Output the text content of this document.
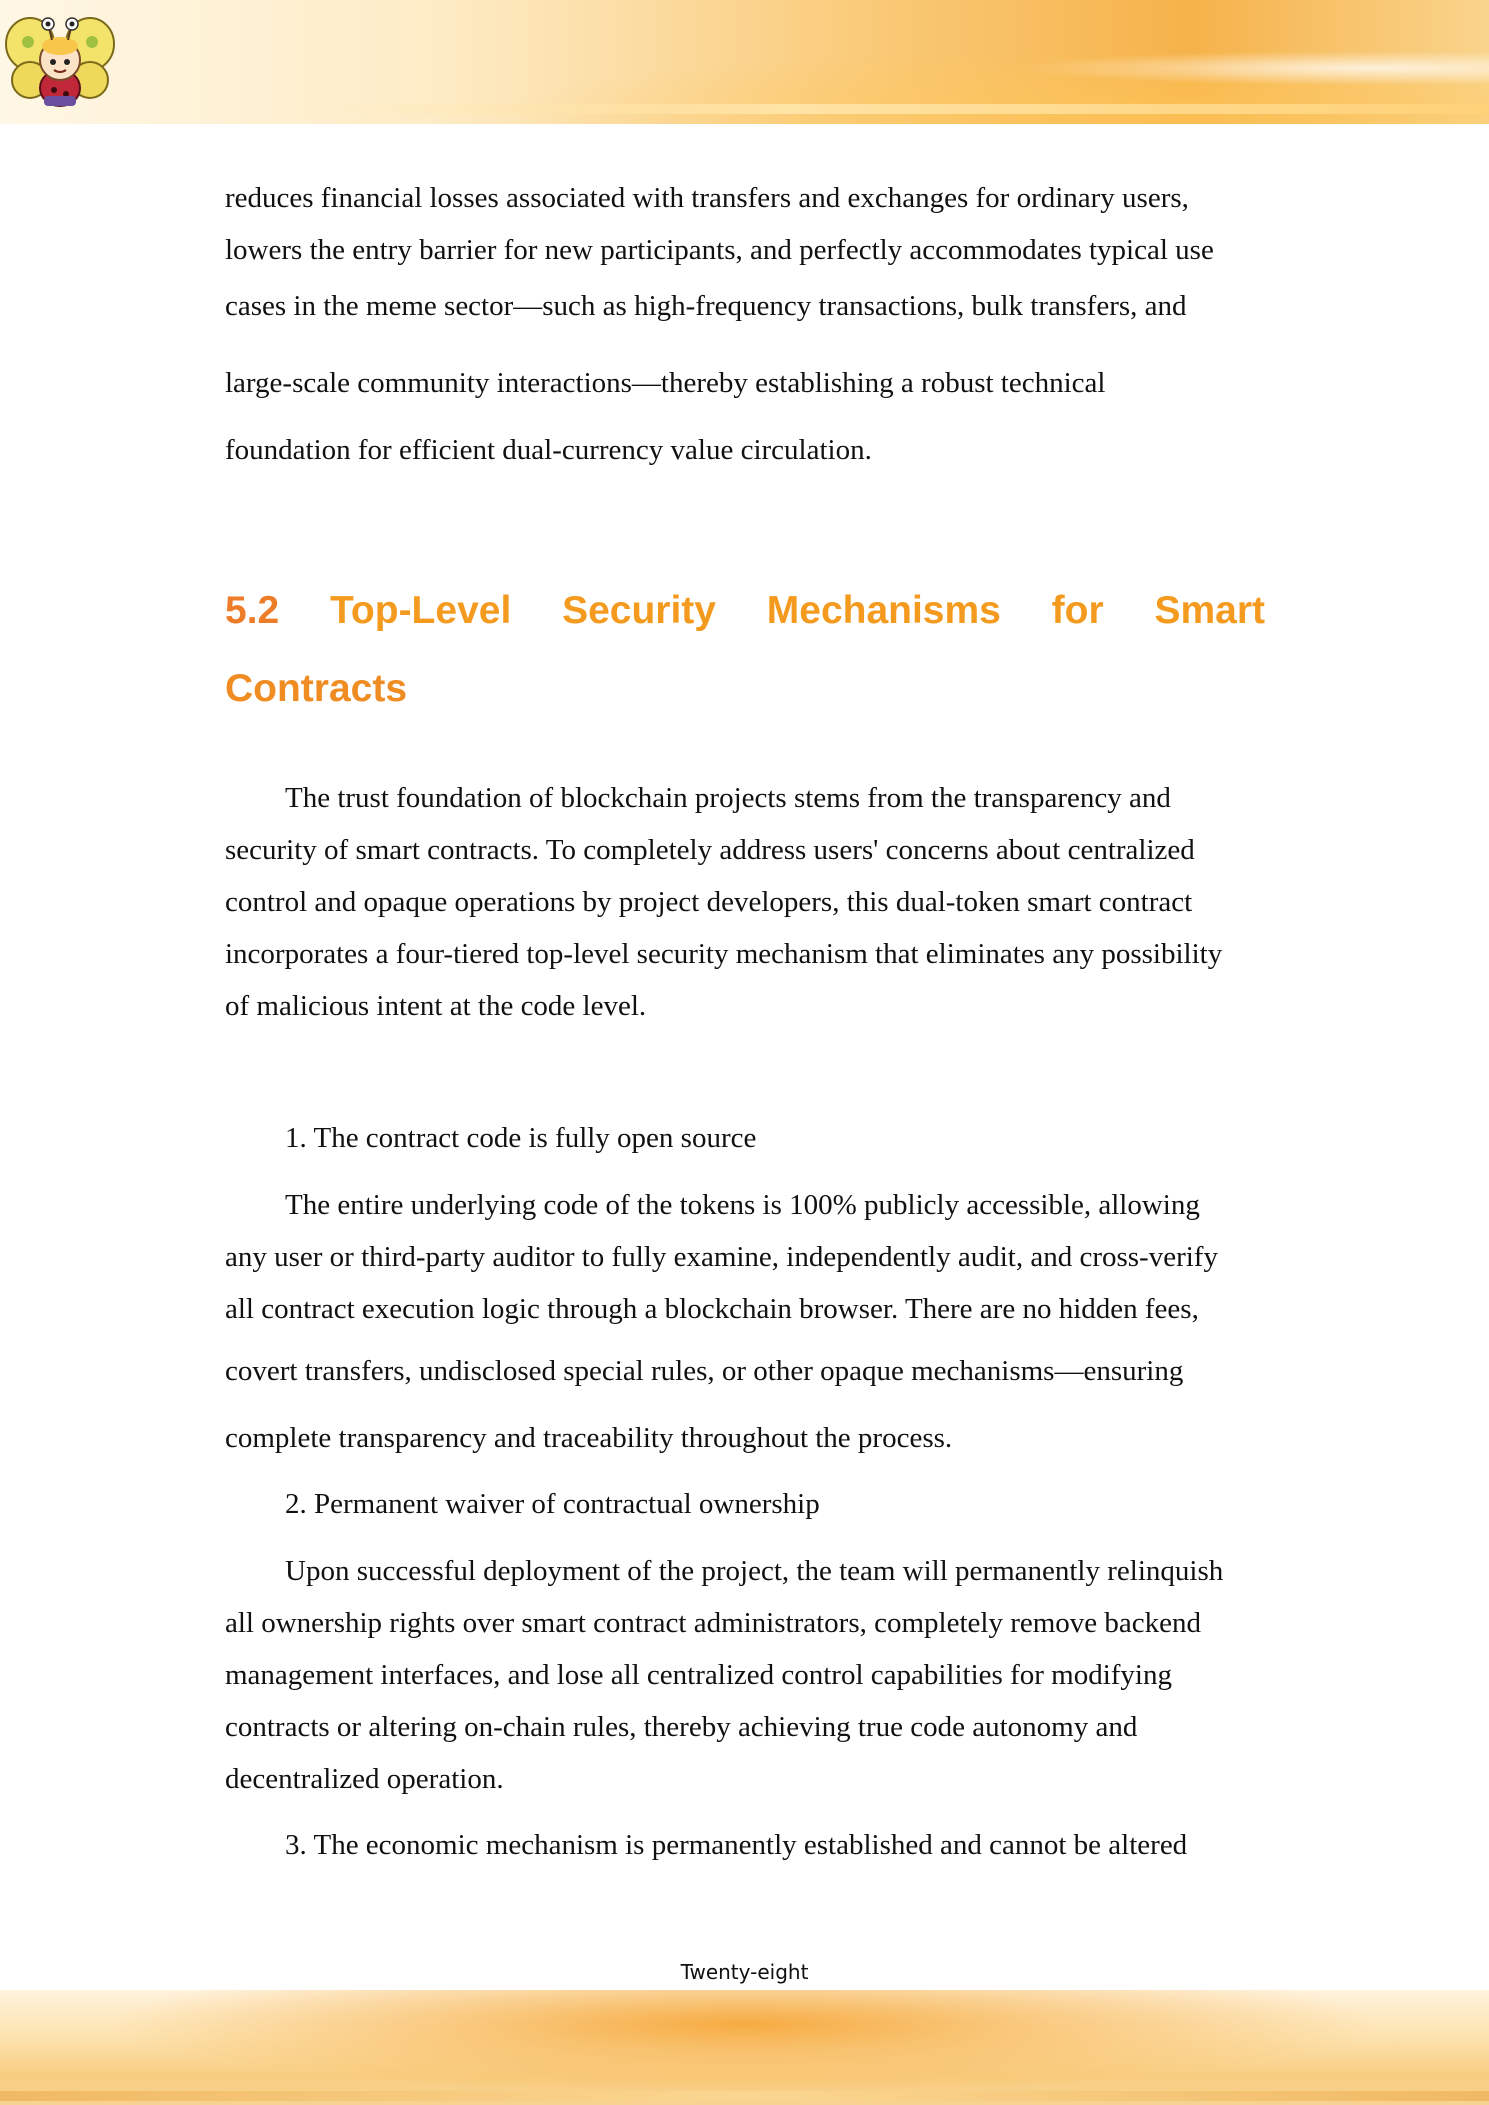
reduces financial losses associated with transfers and exchanges for ordinary users,
lowers the entry barrier for new participants, and perfectly accommodates typical use
cases in the meme sector—such as high-frequency transactions, bulk transfers, and
large-scale community interactions—thereby establishing a robust technical
foundation for efficient dual-currency value circulation.
5.2 Top-Level Security Mechanisms for Smart
Contracts
The trust foundation of blockchain projects stems from the transparency and
security of smart contracts. To completely address users' concerns about centralized
control and opaque operations by project developers, this dual-token smart contract
incorporates a four-tiered top-level security mechanism that eliminates any possibility
of malicious intent at the code level.
1. The contract code is fully open source
The entire underlying code of the tokens is 100% publicly accessible, allowing
any user or third-party auditor to fully examine, independently audit, and cross-verify
all contract execution logic through a blockchain browser. There are no hidden fees,
covert transfers, undisclosed special rules, or other opaque mechanisms—ensuring
complete transparency and traceability throughout the process.
2. Permanent waiver of contractual ownership
Upon successful deployment of the project, the team will permanently relinquish
all ownership rights over smart contract administrators, completely remove backend
management interfaces, and lose all centralized control capabilities for modifying
contracts or altering on-chain rules, thereby achieving true code autonomy and
decentralized operation.
3. The economic mechanism is permanently established and cannot be altered
Twenty-eight
